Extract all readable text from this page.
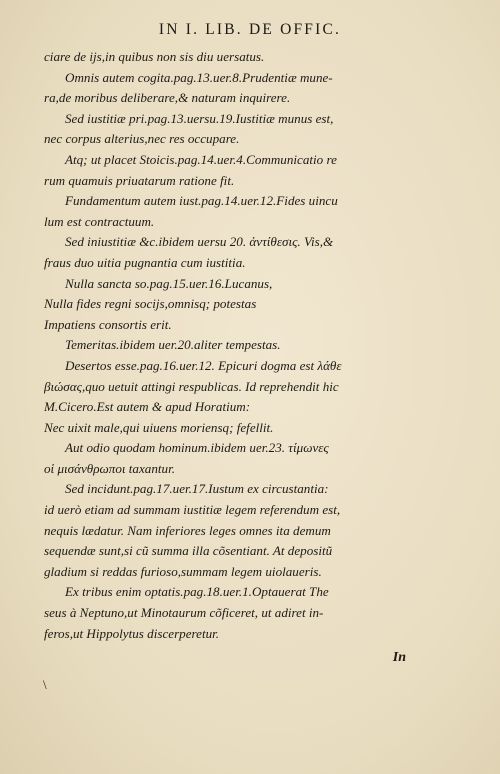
IN I. LIB. DE OFFIC.
ciare de ijs,in quibus non sis diu uersatus.
Omnis autem cogita.pag.13.uer.8.Prudentiæ mune-
ra,de moribus deliberare,& naturam inquirere.
Sed iustitiæ pri.pag.13.uersu.19.Iustitiæ munus est,
nec corpus alterius,nec res occupare.
Atq; ut placet Stoicis.pag.14.uer.4.Communicatio re
rum quamuis priuatarum ratione fit.
Fundamentum autem iust.pag.14.uer.12.Fides uincu
lum est contractuum.
Sed iniustitiæ &c.ibidem uersu 20. ἀντίθεσις. Vis,&
fraus duo uitia pugnantia cum iustitia.
Nulla sancta so.pag.15.uer.16.Lucanus,
Nulla fides regni socijs,omnisq; potestas
Impatiens consortis erit.
Temeritas.ibidem uer.20.aliter tempestas.
Desertos esse.pag.16.uer.12. Epicuri dogma est λάθε
βιώσας,quo uetuit attingi respublicas. Id reprehendit hic
M.Cicero.Est autem & apud Horatium:
Nec uixit male,qui uiuens moriensq; fefellit.
Aut odio quodam hominum.ibidem uer.23. τίμωνες
οἱ μισάνθρωποι taxantur.
Sed incidunt.pag.17.uer.17.Iustum ex circustantia:
id uerò etiam ad summam iustitiæ legem referendum est,
nequis lædatur. Nam inferiores leges omnes ita demum
sequendæ sunt,si cũ summa illa cõsentiant. At depositũ
gladium si reddas furioso,summam legem uiolaueris.
Ex tribus enim optatis.pag.18.uer.1.Optauerat The
seus à Neptuno,ut Minotaurum cõficeret, ut adiret in-
feros,ut Hippolytus discerperetur.
\
In
